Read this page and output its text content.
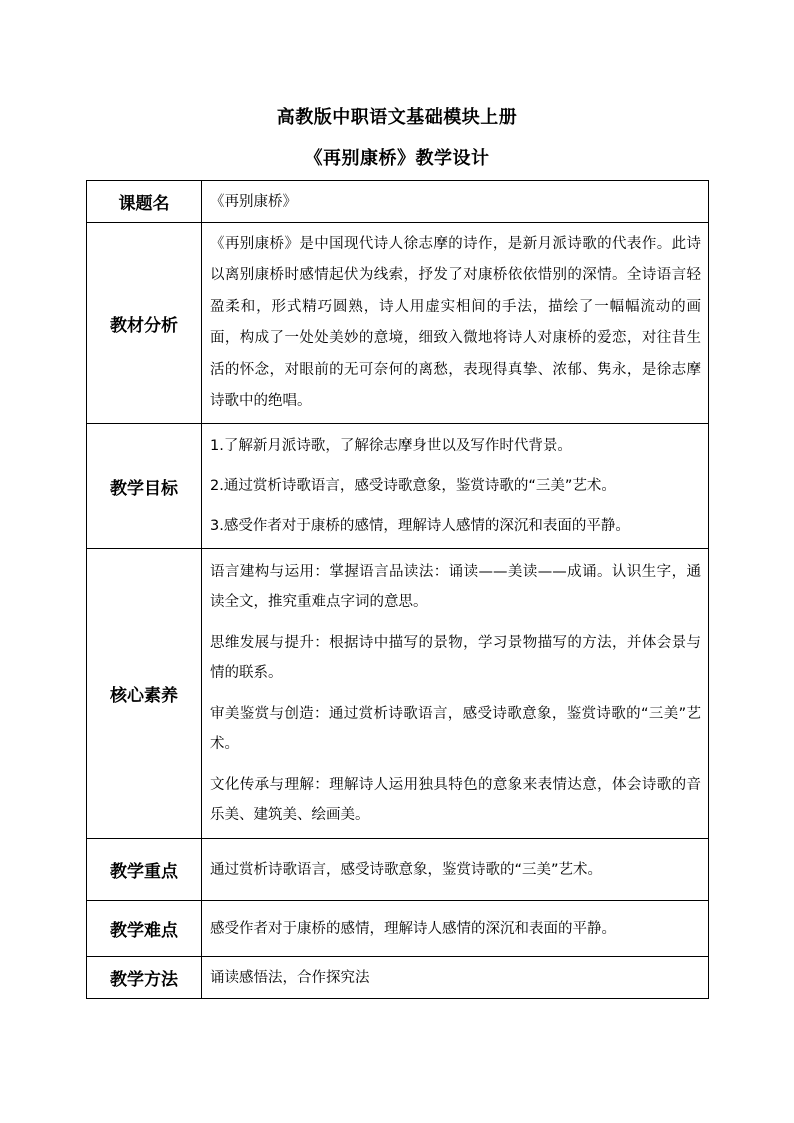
高教版中职语文基础模块上册
《再别康桥》教学设计
课题名	《再别康桥》

教材分析	《再别康桥》是中国现代诗人徐志摩的诗作，是新月派诗歌的代表作。此诗以离别康桥时感情起伏为线索，抒发了对康桥依依惜别的深情。全诗语言轻盈柔和，形式精巧圆熟，诗人用虚实相间的手法，描绘了一幅幅流动的画面，构成了一处处美妙的意境，细致入微地将诗人对康桥的爱恋，对往昔生活的怀念，对眼前的无可奈何的离愁，表现得真挚、浓郁、隽永，是徐志摩诗歌中的绝唱。

教学目标	1.了解新月派诗歌，了解徐志摩身世以及写作时代背景。

2.通过赏析诗歌语言，感受诗歌意象，鉴赏诗歌的“三美”艺术。

3.感受作者对于康桥的感情，理解诗人感情的深沉和表面的平静。

核心素养	语言建构与运用：掌握语言品读法：诵读——美读——成诵。认识生字，通读全文，推究重难点字词的意思。

思维发展与提升：根据诗中描写的景物，学习景物描写的方法，并体会景与情的联系。

审美鉴赏与创造：通过赏析诗歌语言，感受诗歌意象，鉴赏诗歌的“三美”艺术。

文化传承与理解：理解诗人运用独具特色的意象来表情达意，体会诗歌的音乐美、建筑美、绘画美。

教学重点	通过赏析诗歌语言，感受诗歌意象，鉴赏诗歌的“三美”艺术。

教学难点	感受作者对于康桥的感情，理解诗人感情的深沉和表面的平静。

教学方法	诵读感悟法，合作探究法
